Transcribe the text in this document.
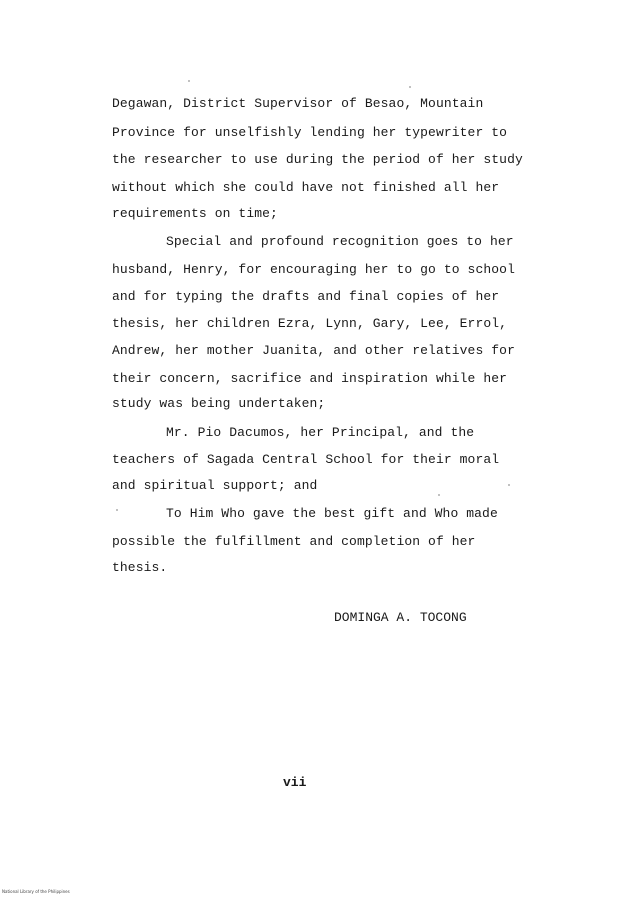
Degawan, District Supervisor of Besao, Mountain
Province for unselfishly lending her typewriter to
the researcher to use during the period of her study
without which she could have not finished all her
requirements on time;
Special and profound recognition goes to her
husband, Henry, for encouraging her to go to school
and for typing the drafts and final copies of her
thesis, her children Ezra, Lynn, Gary, Lee, Errol,
Andrew, her mother Juanita, and other relatives for
their concern, sacrifice and inspiration while her
study was being undertaken;
Mr. Pio Dacumos, her Principal, and the
teachers of Sagada Central School for their moral
and spiritual support; and
To Him Who gave the best gift and Who made
possible the fulfillment and completion of her
thesis.
DOMINGA A. TOCONG
vii
National Library of the Philippines
